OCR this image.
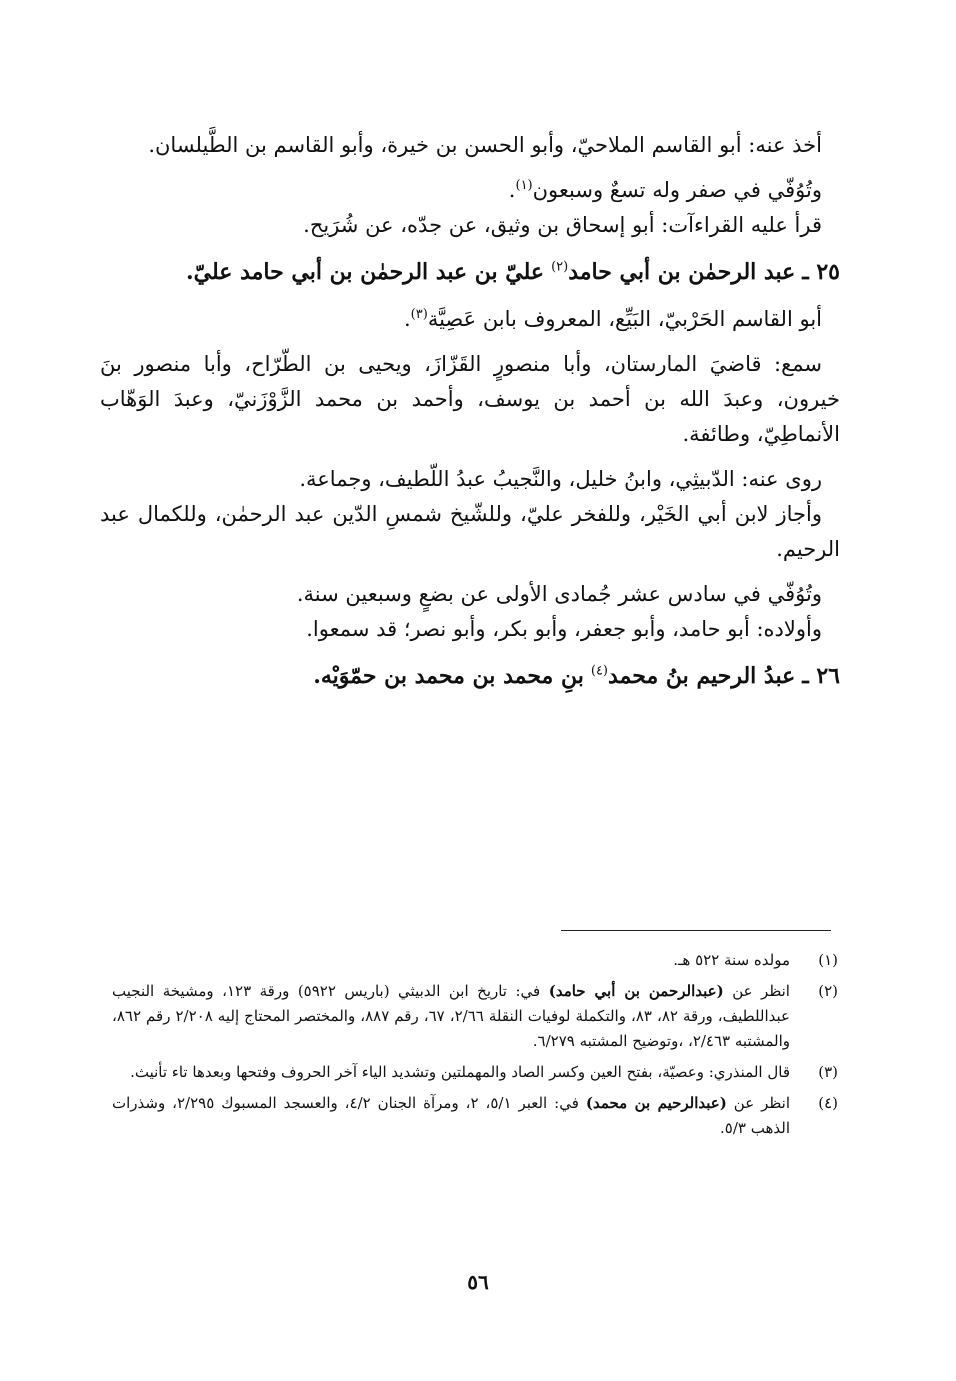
أخذ عنه: أبو القاسم الملاحيّ، وأبو الحسن بن خيرة، وأبو القاسم بن الطَّيلسان.

وتُوُفّي في صفر وله تسعٌ وسبعون$^{(١)}$.

قرأ عليه القراءآت: أبو إسحاق بن وثيق، عن جدّه، عن شُرَيح.

٢٥ ـ عبد الرحمٰن بن أبي حامد$^{(٢)}$ عليّ بن عبد الرحمٰن بن أبي حامد عليّ.

أبو القاسم الحَرْبيّ، البَيِّع، المعروف بابن عَصِيَّة$^{(٣)}$.

سمع: قاضيَ المارستان، وأبا منصورٍ القَزّازَ، ويحيى بن الطّرّاح، وأبا منصور بنَ خيرون، وعبدَ الله بن أحمد بن يوسف، وأحمد بن محمد الزَّوْزَنيّ، وعبدَ الوَهّاب الأنماطِيّ، وطائفة.

روى عنه: الدّبيثِي، وابنُ خليل، والنَّجيبُ عبدُ اللّطيف، وجماعة.

وأجاز لابن أبي الخَيْر، وللفخر عليّ، وللشّيخ شمسِ الدّين عبد الرحمٰن، وللكمال عبد الرحيم.

وتُوُفّي في سادس عشر جُمادى الأولى عن بضعٍ وسبعين سنة.

وأولاده: أبو حامد، وأبو جعفر، وأبو بكر، وأبو نصر؛ قد سمعوا.

٢٦ ـ عبدُ الرحيم بنُ محمد$^{(٤)}$ بنِ محمد بن محمد بن حمّوَيْه.

(١)
مولده سنة ٥٢٢ هـ.
(٢)
انظر عن (عبدالرحمن بن أبي حامد) في: تاريخ ابن الدبيثي (باريس ٥٩٢٢) ورقة ١٢٣، ومشيخة النجيب عبداللطيف، ورقة ٨٢، ٨٣، والتكملة لوفيات النقلة ٢/٦٦، ٦٧، رقم ٨٨٧، والمختصر المحتاج إليه ٢/٢٠٨ رقم ٨٦٢، والمشتبه ٢/٤٦٣، ،وتوضيح المشتبه ٦/٢٧٩.
(٣)
قال المنذري: وعصيّة، بفتح العين وكسر الصاد والمهملتين وتشديد الياء آخر الحروف وفتحها وبعدها تاء تأنيث.
(٤)
انظر عن (عبدالرحيم بن محمد) في: العبر ٥/١، ٢، ومرآة الجنان ٤/٢، والعسجد المسبوك ٢/٢٩٥، وشذرات الذهب ٥/٣.
٥٦
